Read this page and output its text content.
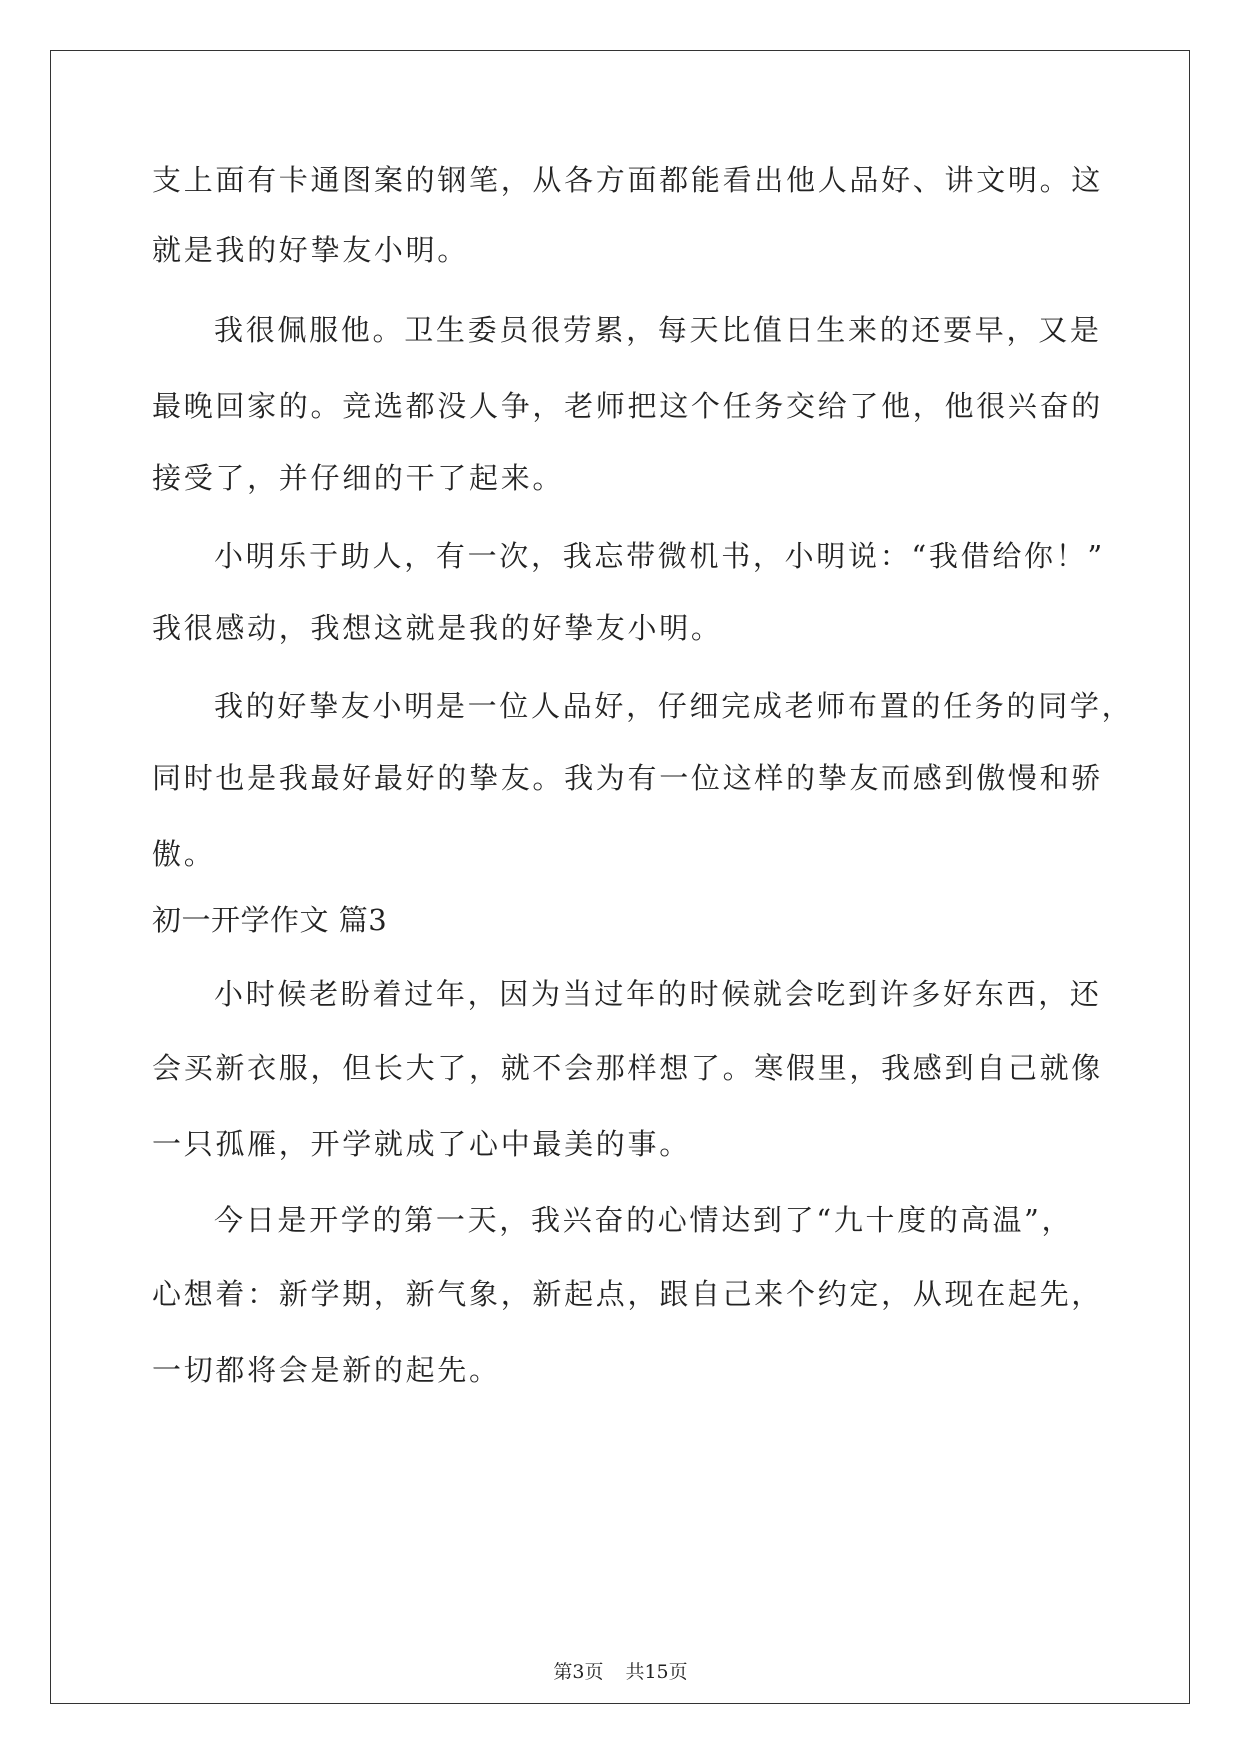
支上面有卡通图案的钢笔，从各方面都能看出他人品好、讲文明。这
就是我的好挚友小明。
我很佩服他。卫生委员很劳累，每天比值日生来的还要早，又是
最晚回家的。竞选都没人争，老师把这个任务交给了他，他很兴奋的
接受了，并仔细的干了起来。
小明乐于助人，有一次，我忘带微机书，小明说：“我借给你！”
我很感动，我想这就是我的好挚友小明。
我的好挚友小明是一位人品好，仔细完成老师布置的任务的同学，
同时也是我最好最好的挚友。我为有一位这样的挚友而感到傲慢和骄
傲。
初一开学作文 篇3
小时候老盼着过年，因为当过年的时候就会吃到许多好东西，还
会买新衣服，但长大了，就不会那样想了。寒假里，我感到自己就像
一只孤雁，开学就成了心中最美的事。
今日是开学的第一天，我兴奋的心情达到了“九十度的高温”，
心想着：新学期，新气象，新起点，跟自己来个约定，从现在起先，
一切都将会是新的起先。
第3页 共15页
